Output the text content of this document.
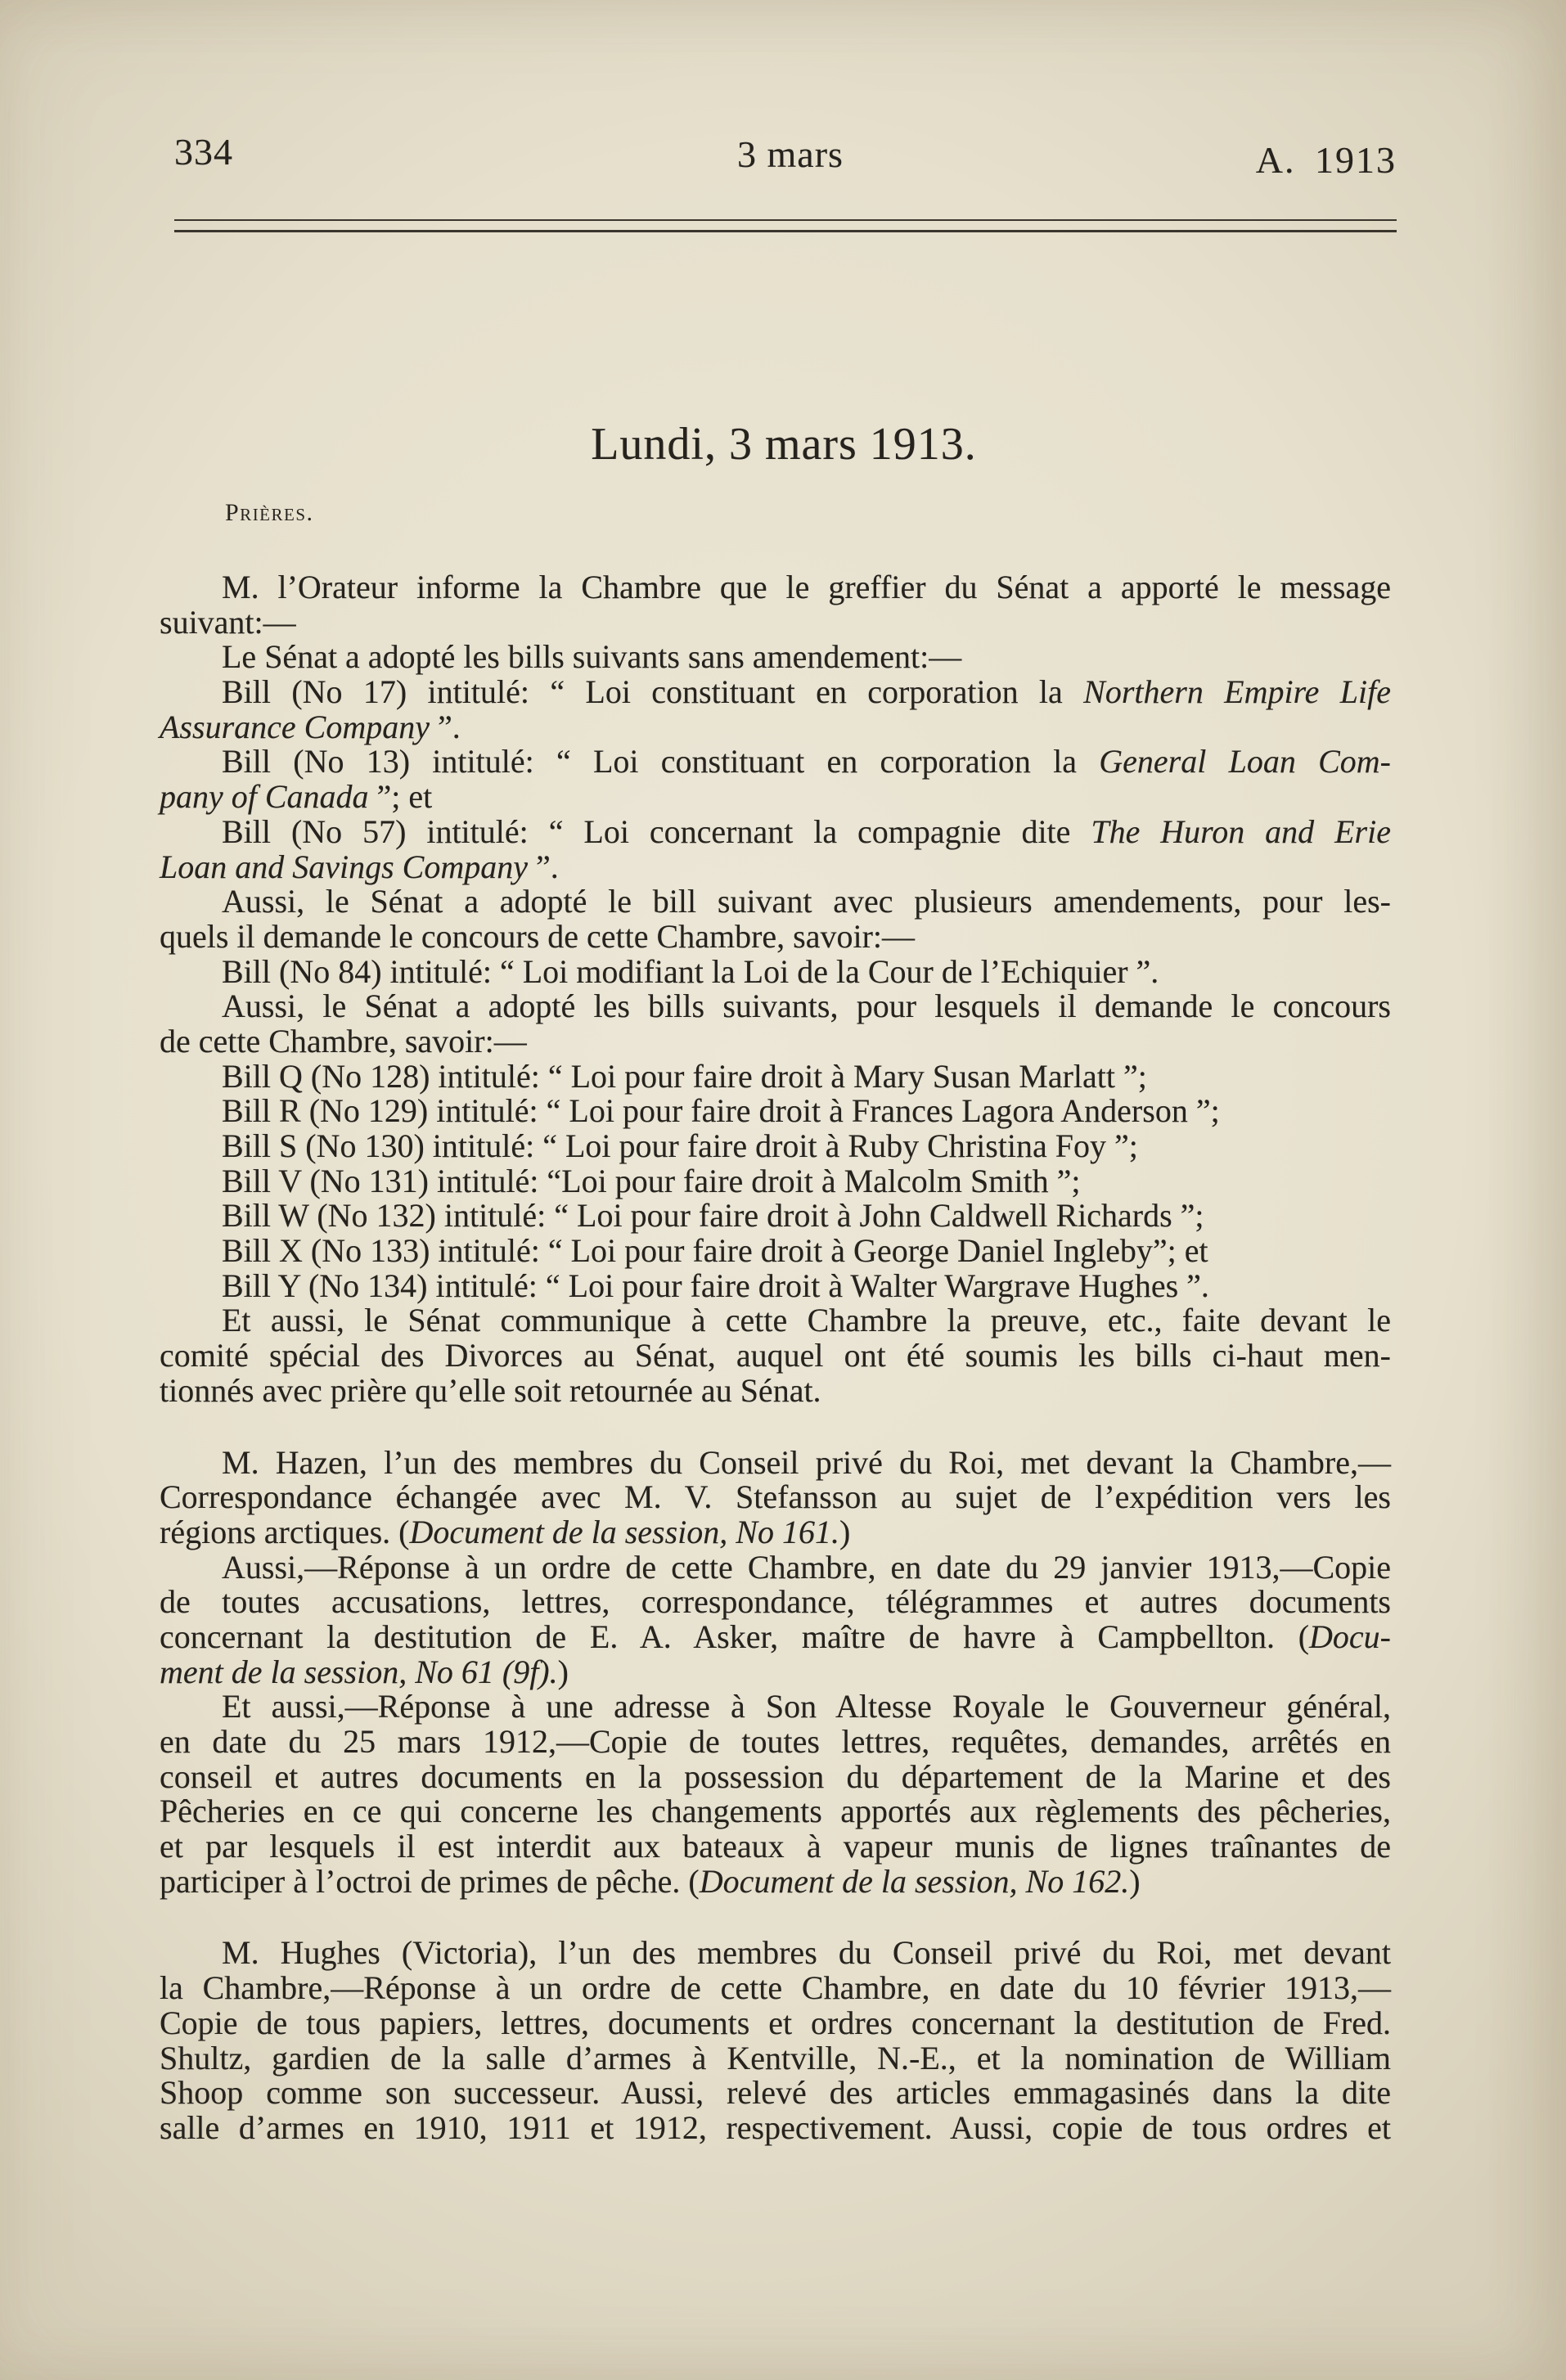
334	3 mars	A. 1913
Lundi, 3 mars 1913.
Prières.
M. l’Orateur informe la Chambre que le greffier du Sénat a apporté le message
suivant:—
Le Sénat a adopté les bills suivants sans amendement:—
Bill (No 17) intitulé: “ Loi constituant en corporation la Northern Empire Life
Assurance Company ”.
Bill (No 13) intitulé: “ Loi constituant en corporation la General Loan Com-
pany of Canada ”; et
Bill (No 57) intitulé: “ Loi concernant la compagnie dite The Huron and Erie
Loan and Savings Company ”.
Aussi, le Sénat a adopté le bill suivant avec plusieurs amendements, pour les-
quels il demande le concours de cette Chambre, savoir:—
Bill (No 84) intitulé: “ Loi modifiant la Loi de la Cour de l’Echiquier ”.
Aussi, le Sénat a adopté les bills suivants, pour lesquels il demande le concours
de cette Chambre, savoir:—
Bill Q (No 128) intitulé: “ Loi pour faire droit à Mary Susan Marlatt ”;
Bill R (No 129) intitulé: “ Loi pour faire droit à Frances Lagora Anderson ”;
Bill S (No 130) intitulé: “ Loi pour faire droit à Ruby Christina Foy ”;
Bill V (No 131) intitulé: “Loi pour faire droit à Malcolm Smith ”;
Bill W (No 132) intitulé: “ Loi pour faire droit à John Caldwell Richards ”;
Bill X (No 133) intitulé: “ Loi pour faire droit à George Daniel Ingleby”; et
Bill Y (No 134) intitulé: “ Loi pour faire droit à Walter Wargrave Hughes ”.
Et aussi, le Sénat communique à cette Chambre la preuve, etc., faite devant le
comité spécial des Divorces au Sénat, auquel ont été soumis les bills ci-haut men-
tionnés avec prière qu’elle soit retournée au Sénat.
M. Hazen, l’un des membres du Conseil privé du Roi, met devant la Chambre,—
Correspondance échangée avec M. V. Stefansson au sujet de l’expédition vers les
régions arctiques. (Document de la session, No 161.)
Aussi,—Réponse à un ordre de cette Chambre, en date du 29 janvier 1913,—Copie
de toutes accusations, lettres, correspondance, télégrammes et autres documents
concernant la destitution de E. A. Asker, maître de havre à Campbellton. (Docu-
ment de la session, No 61 (9f).)
Et aussi,—Réponse à une adresse à Son Altesse Royale le Gouverneur général,
en date du 25 mars 1912,—Copie de toutes lettres, requêtes, demandes, arrêtés en
conseil et autres documents en la possession du département de la Marine et des
Pêcheries en ce qui concerne les changements apportés aux règlements des pêcheries,
et par lesquels il est interdit aux bateaux à vapeur munis de lignes traînantes de
participer à l’octroi de primes de pêche. (Document de la session, No 162.)
M. Hughes (Victoria), l’un des membres du Conseil privé du Roi, met devant
la Chambre,—Réponse à un ordre de cette Chambre, en date du 10 février 1913,—
Copie de tous papiers, lettres, documents et ordres concernant la destitution de Fred.
Shultz, gardien de la salle d’armes à Kentville, N.-E., et la nomination de William
Shoop comme son successeur. Aussi, relevé des articles emmagasinés dans la dite
salle d’armes en 1910, 1911 et 1912, respectivement. Aussi, copie de tous ordres et
